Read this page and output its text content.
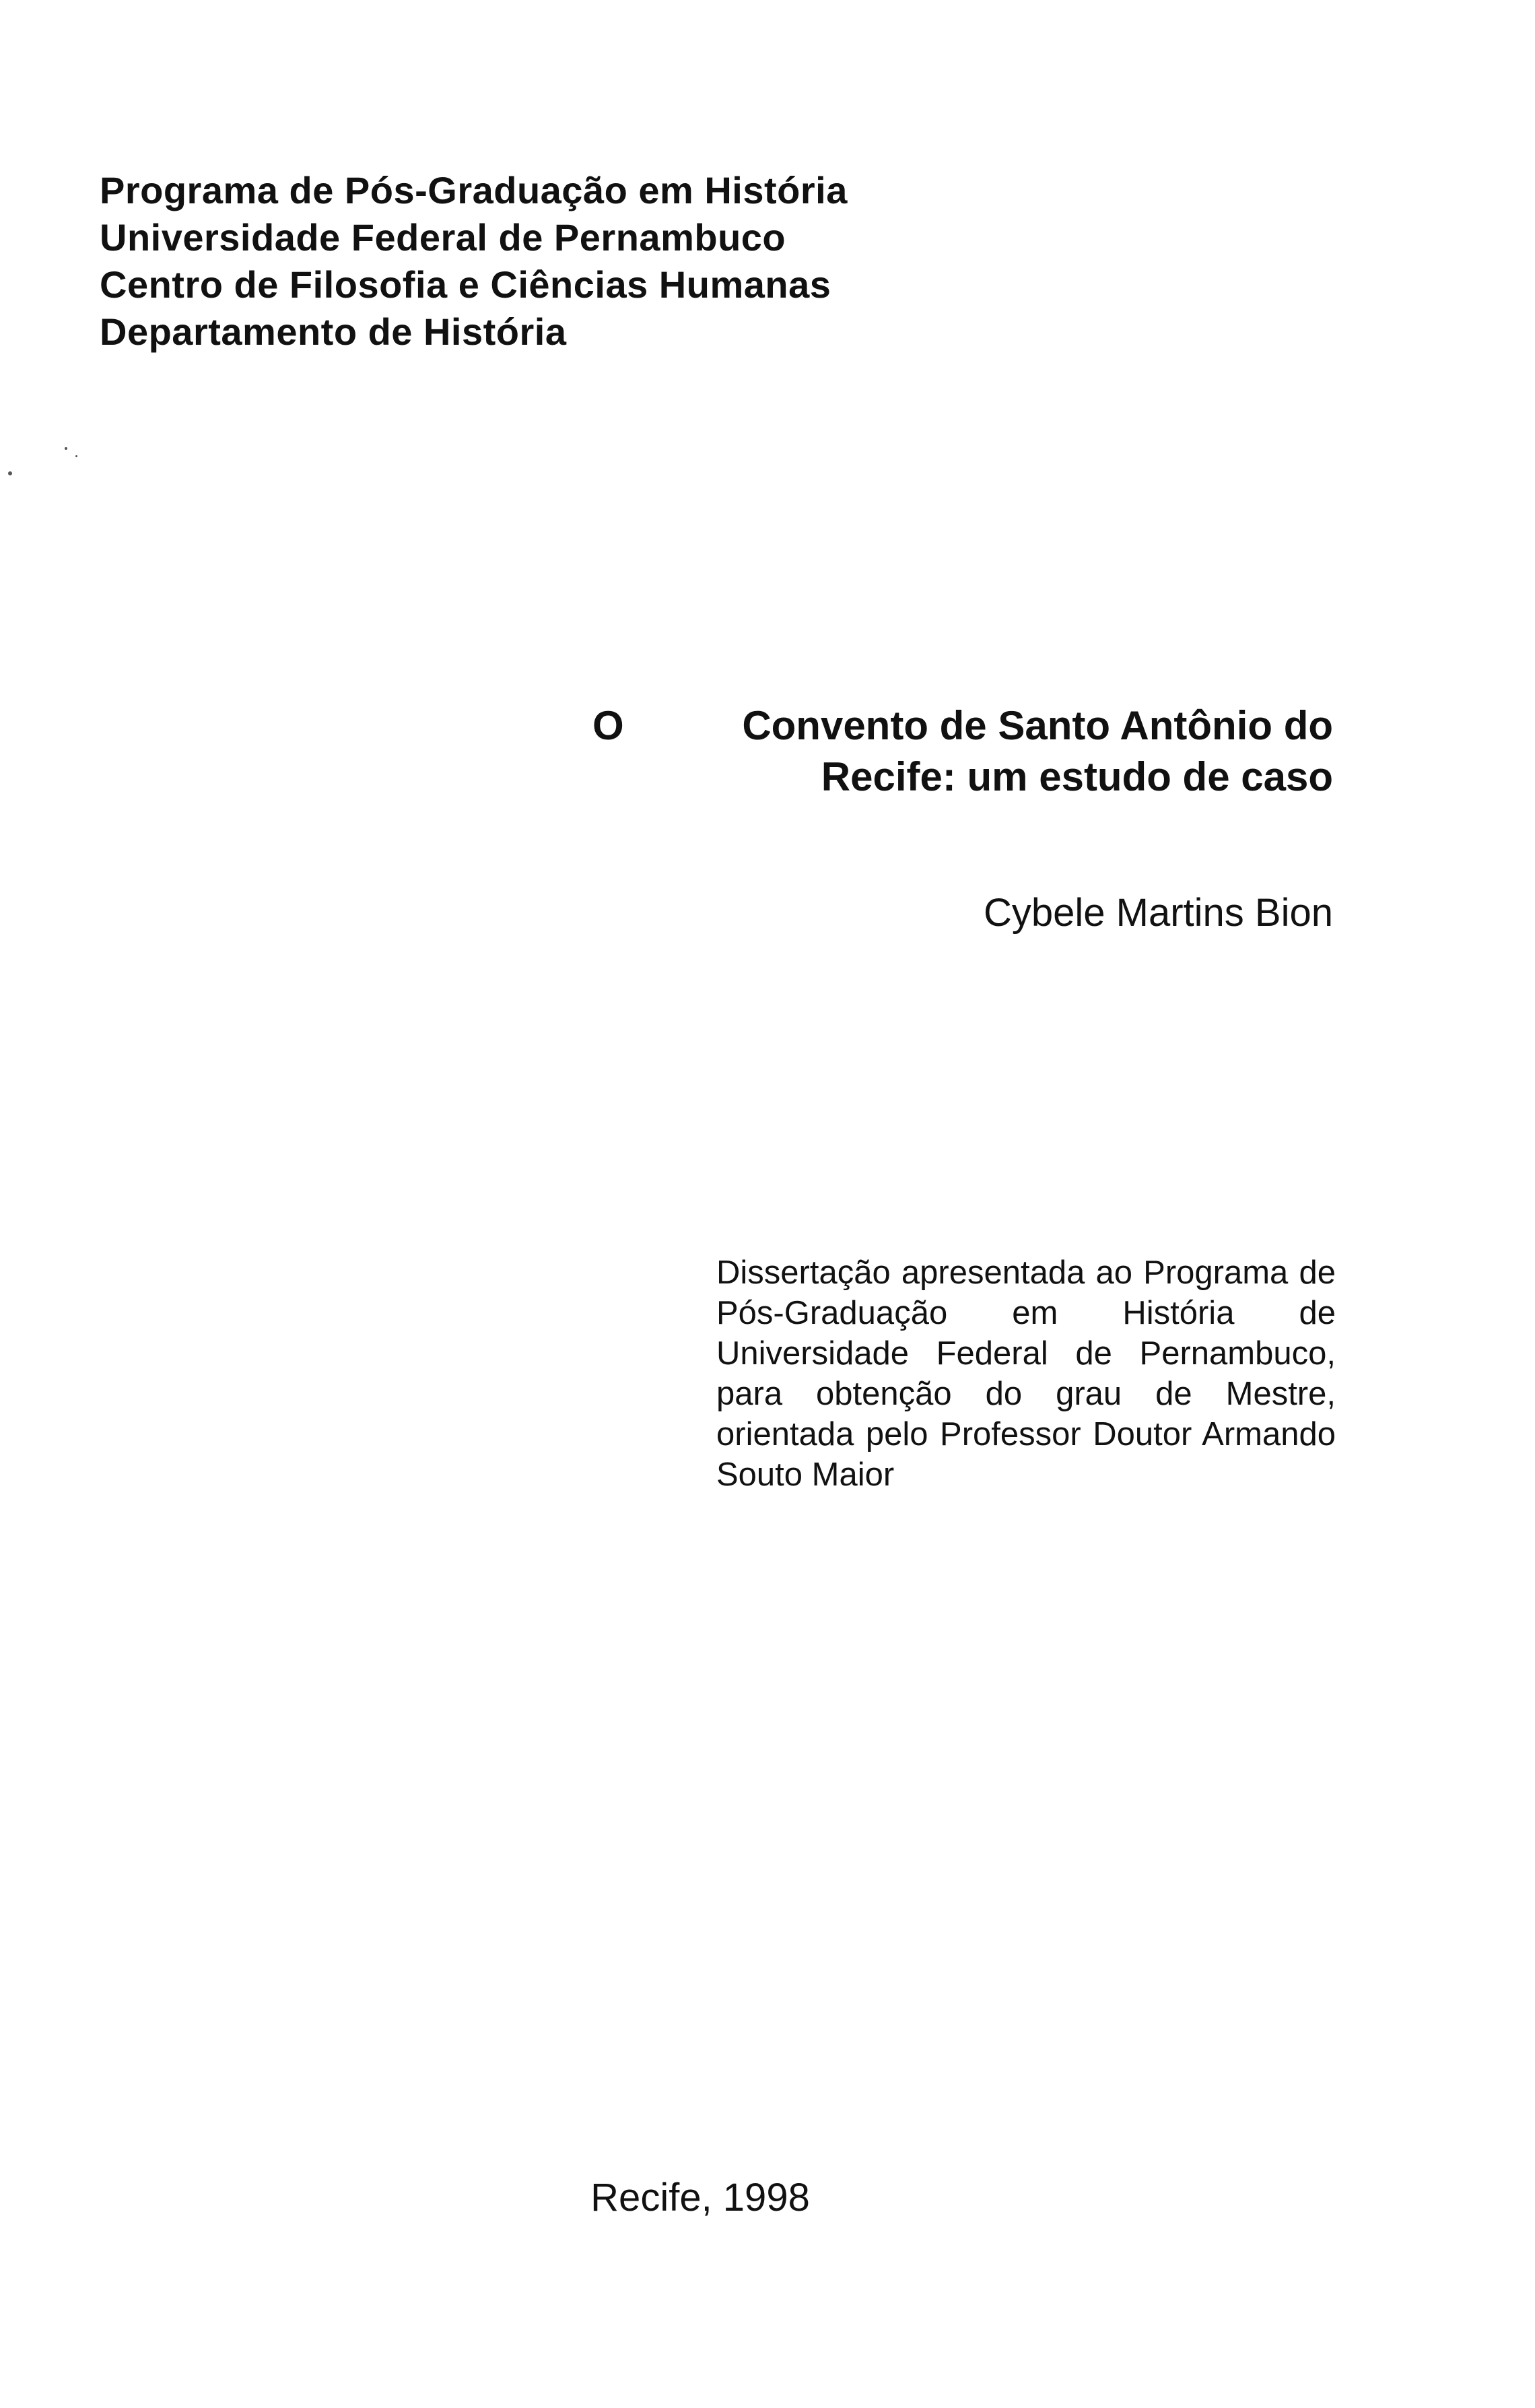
Programa de Pós-Graduação em História
Universidade Federal de Pernambuco
Centro de Filosofia e Ciências Humanas
Departamento de História
O	Convento de Santo Antônio do
Recife: um estudo de caso
Cybele Martins Bion
Dissertação apresentada ao Programa de Pós-Graduação em História de Universidade Federal de Pernambuco, para obtenção do grau de Mestre, orientada pelo Professor Doutor Armando Souto Maior
Recife, 1998
